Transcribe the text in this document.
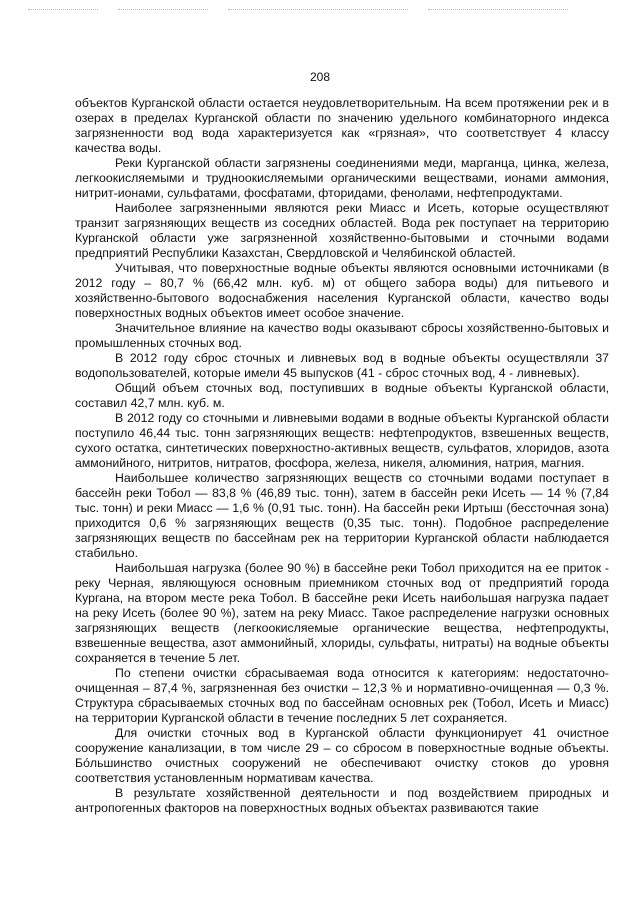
208

объектов Курганской области остается неудовлетворительным. На всем протяжении рек и в озерах в пределах Курганской области по значению удельного комбинаторного индекса загрязненности вод вода характеризуется как «грязная», что соответствует 4 классу качества воды.

Реки Курганской области загрязнены соединениями меди, марганца, цинка, железа, легкоокисляемыми и трудноокисляемыми органическими веществами, ионами аммония, нитрит-ионами, сульфатами, фосфатами, фторидами, фенолами, нефтепродуктами.

Наиболее загрязненными являются реки Миасс и Исеть, которые осуществляют транзит загрязняющих веществ из соседних областей. Вода рек поступает на территорию Курганской области уже загрязненной хозяйственно-бытовыми и сточными водами предприятий Республики Казахстан, Свердловской и Челябинской областей.

Учитывая, что поверхностные водные объекты являются основными источниками (в 2012 году – 80,7 % (66,42 млн. куб. м) от общего забора воды) для питьевого и хозяйственно-бытового водоснабжения населения Курганской области, качество воды поверхностных водных объектов имеет особое значение.

Значительное влияние на качество воды оказывают сбросы хозяйственно-бытовых и промышленных сточных вод.

В 2012 году сброс сточных и ливневых вод в водные объекты осуществляли 37 водопользователей, которые имели 45 выпусков (41 - сброс сточных вод, 4 - ливневых).

Общий объем сточных вод, поступивших в водные объекты Курганской области, составил 42,7 млн. куб. м.

В 2012 году со сточными и ливневыми водами в водные объекты Курганской области поступило 46,44 тыс. тонн загрязняющих веществ: нефтепродуктов, взвешенных веществ, сухого остатка, синтетических поверхностно-активных веществ, сульфатов, хлоридов, азота аммонийного, нитритов, нитратов, фосфора, железа, никеля, алюминия, натрия, магния.

Наибольшее количество загрязняющих веществ со сточными водами поступает в бассейн реки Тобол — 83,8 % (46,89 тыс. тонн), затем в бассейн реки Исеть — 14 % (7,84 тыс. тонн) и реки Миасс — 1,6 % (0,91 тыс. тонн). На бассейн реки Иртыш (бессточная зона) приходится 0,6 % загрязняющих веществ (0,35 тыс. тонн). Подобное распределение загрязняющих веществ по бассейнам рек на территории Курганской области наблюдается стабильно.

Наибольшая нагрузка (более 90 %) в бассейне реки Тобол приходится на ее приток - реку Черная, являющуюся основным приемником сточных вод от предприятий города Кургана, на втором месте река Тобол. В бассейне реки Исеть наибольшая нагрузка падает на реку Исеть (более 90 %), затем на реку Миасс. Такое распределение нагрузки основных загрязняющих веществ (легкоокисляемые органические вещества, нефтепродукты, взвешенные вещества, азот аммонийный, хлориды, сульфаты, нитраты) на водные объекты сохраняется в течение 5 лет.

По степени очистки сбрасываемая вода относится к категориям: недостаточно-очищенная – 87,4 %, загрязненная без очистки – 12,3 % и нормативно-очищенная — 0,3 %. Структура сбрасываемых сточных вод по бассейнам основных рек (Тобол, Исеть и Миасс) на территории Курганской области в течение последних 5 лет сохраняется.

Для очистки сточных вод в Курганской области функционирует 41 очистное сооружение канализации, в том числе 29 – со сбросом в поверхностные водные объекты. Бóльшинство очистных сооружений не обеспечивают очистку стоков до уровня соответствия установленным нормативам качества.

В результате хозяйственной деятельности и под воздействием природных и антропогенных факторов на поверхностных водных объектах развиваются такие
